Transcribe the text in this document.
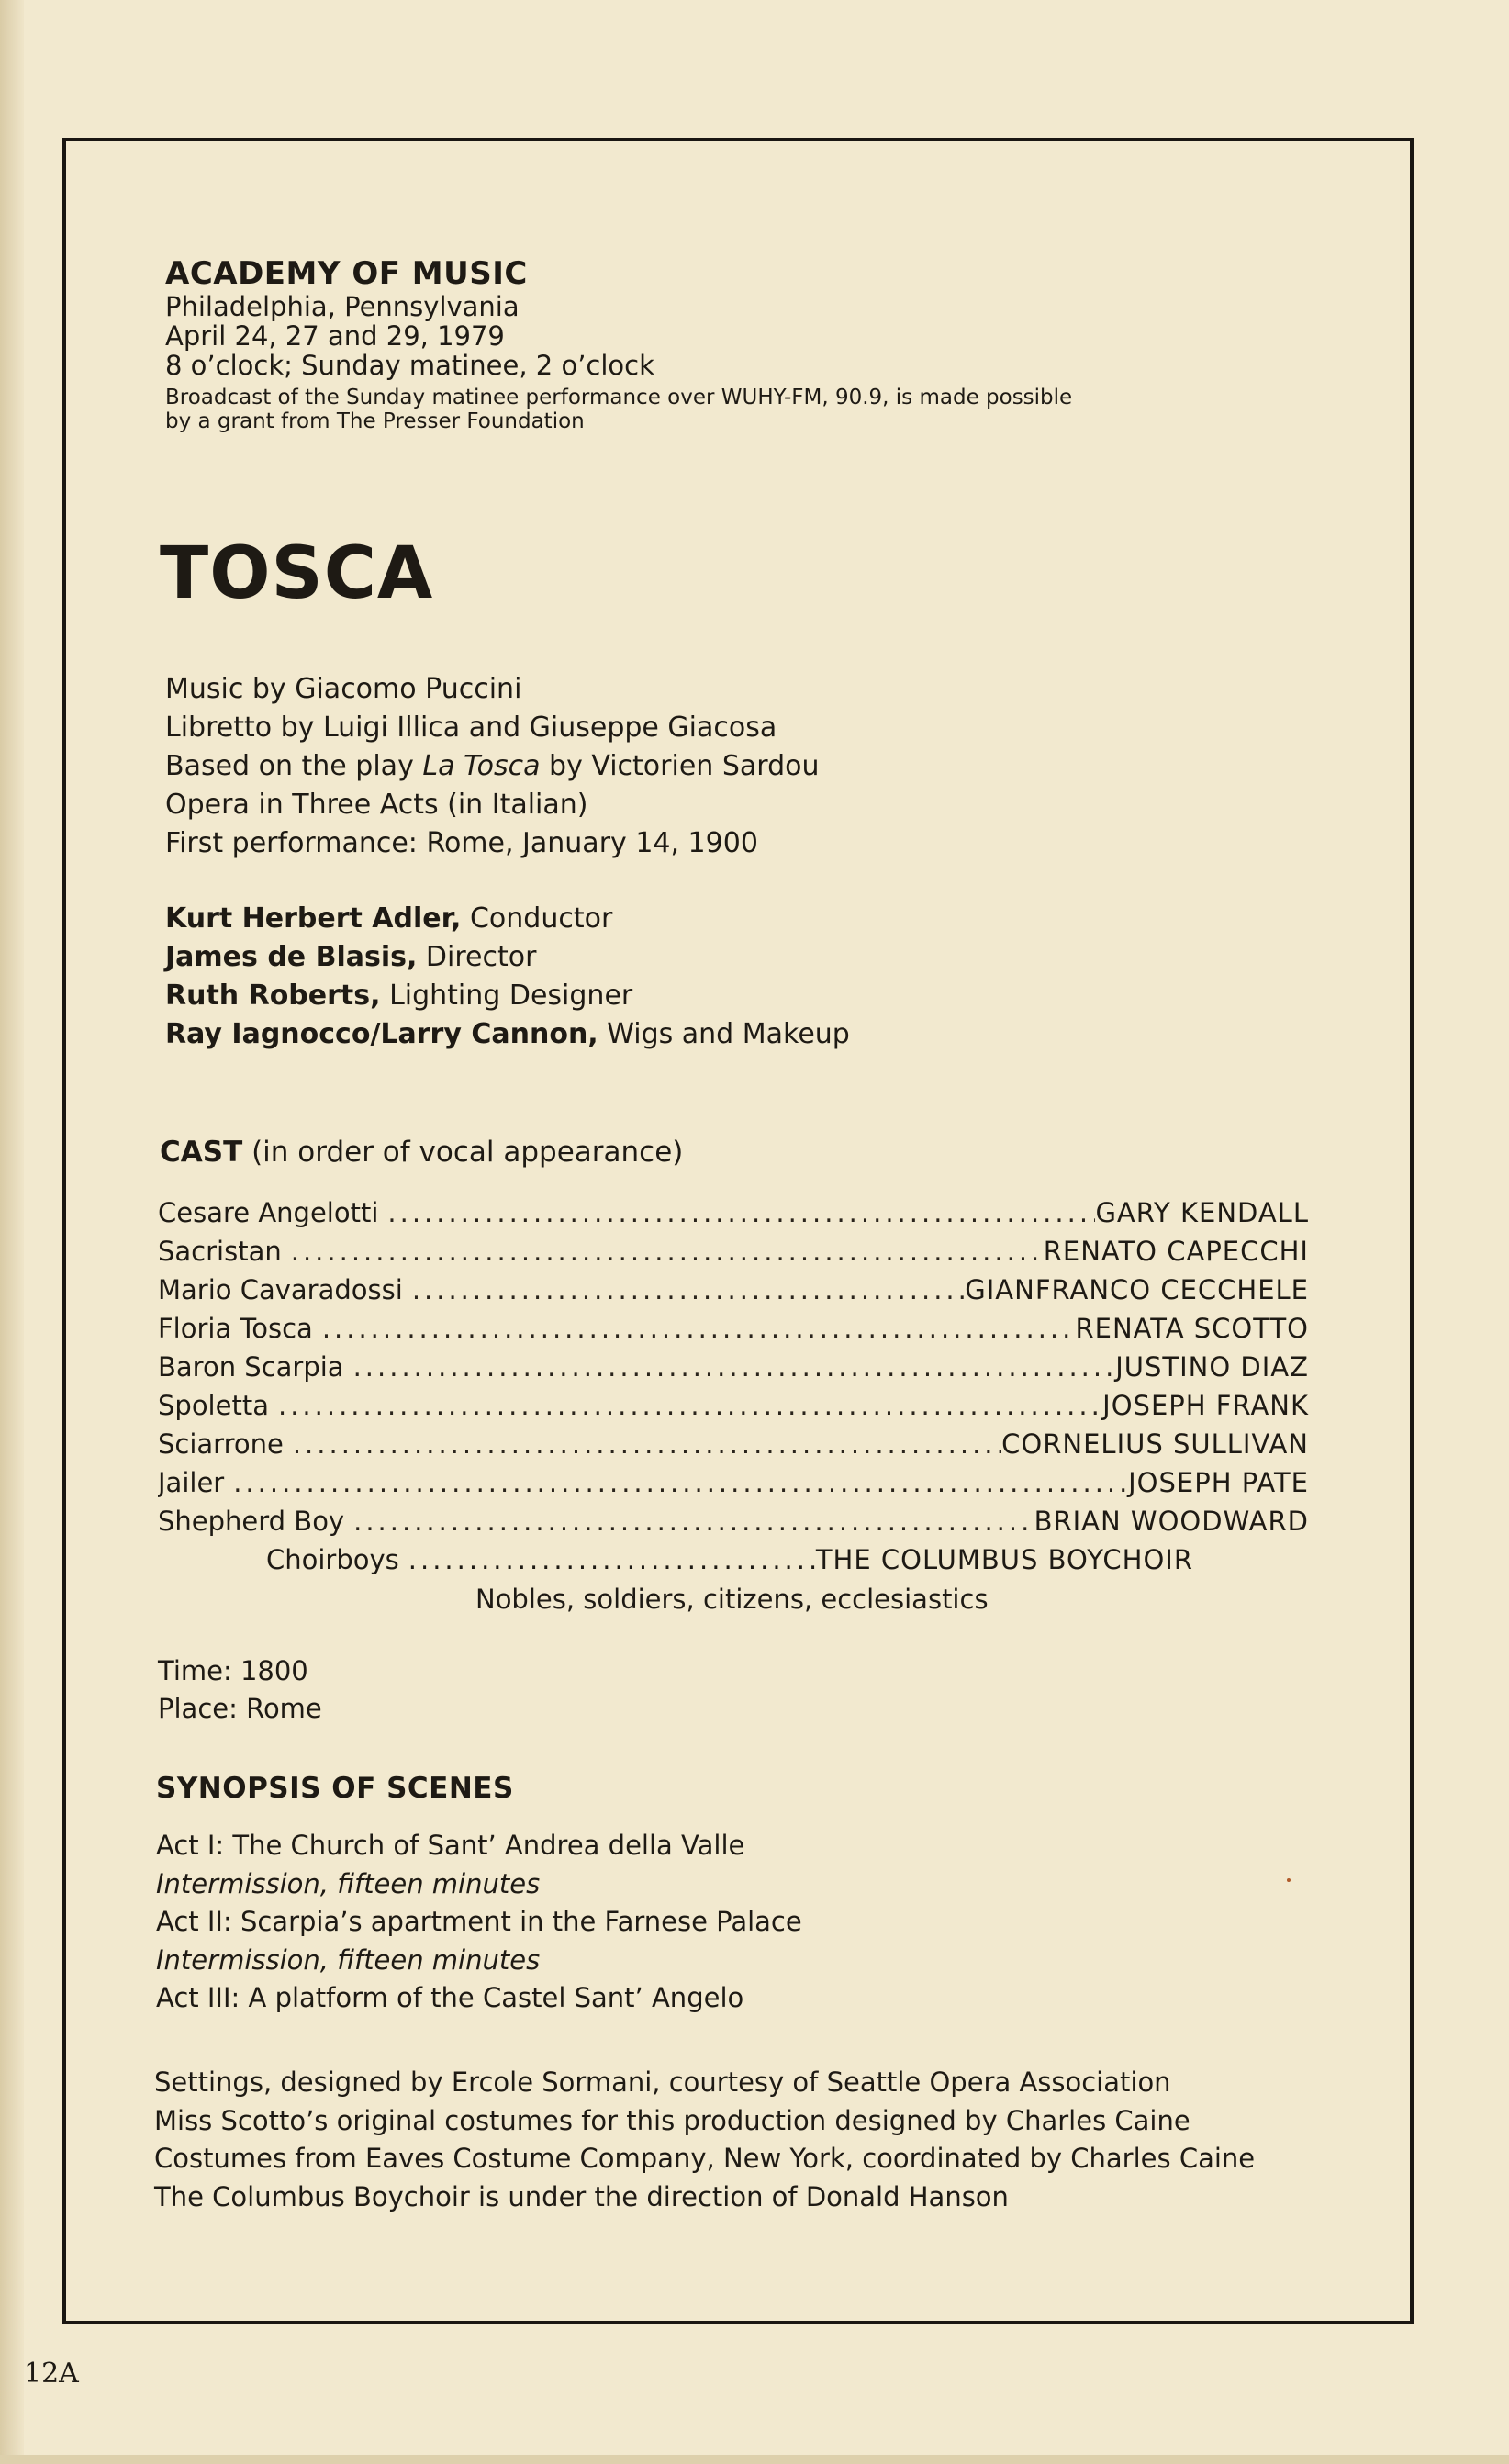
ACADEMY OF MUSIC
Philadelphia, Pennsylvania
April 24, 27 and 29, 1979
8 o’clock; Sunday matinee, 2 o’clock
Broadcast of the Sunday matinee performance over WUHY-FM, 90.9, is made possible
by a grant from The Presser Foundation
TOSCA
Music by Giacomo Puccini
Libretto by Luigi Illica and Giuseppe Giacosa
Based on the play La Tosca by Victorien Sardou
Opera in Three Acts (in Italian)
First performance: Rome, January 14, 1900
Kurt Herbert Adler, Conductor
James de Blasis, Director
Ruth Roberts, Lighting Designer
Ray Iagnocco/Larry Cannon, Wigs and Makeup
CAST (in order of vocal appearance)
Cesare Angelotti .....	GARY KENDALL
Sacristan .....	RENATO CAPECCHI
Mario Cavaradossi .....	GIANFRANCO CECCHELE
Floria Tosca .....	RENATA SCOTTO
Baron Scarpia .....	JUSTINO DIAZ
Spoletta .....	JOSEPH FRANK
Sciarrone .....	CORNELIUS SULLIVAN
Jailer .....	JOSEPH PATE
Shepherd Boy .....	BRIAN WOODWARD
Choirboys .....	THE COLUMBUS BOYCHOIR
Nobles, soldiers, citizens, ecclesiastics
Time: 1800
Place: Rome
SYNOPSIS OF SCENES
Act I: The Church of Sant’ Andrea della Valle
Intermission, fifteen minutes
Act II: Scarpia’s apartment in the Farnese Palace
Intermission, fifteen minutes
Act III: A platform of the Castel Sant’ Angelo
Settings, designed by Ercole Sormani, courtesy of Seattle Opera Association
Miss Scotto’s original costumes for this production designed by Charles Caine
Costumes from Eaves Costume Company, New York, coordinated by Charles Caine
The Columbus Boychoir is under the direction of Donald Hanson
12A
